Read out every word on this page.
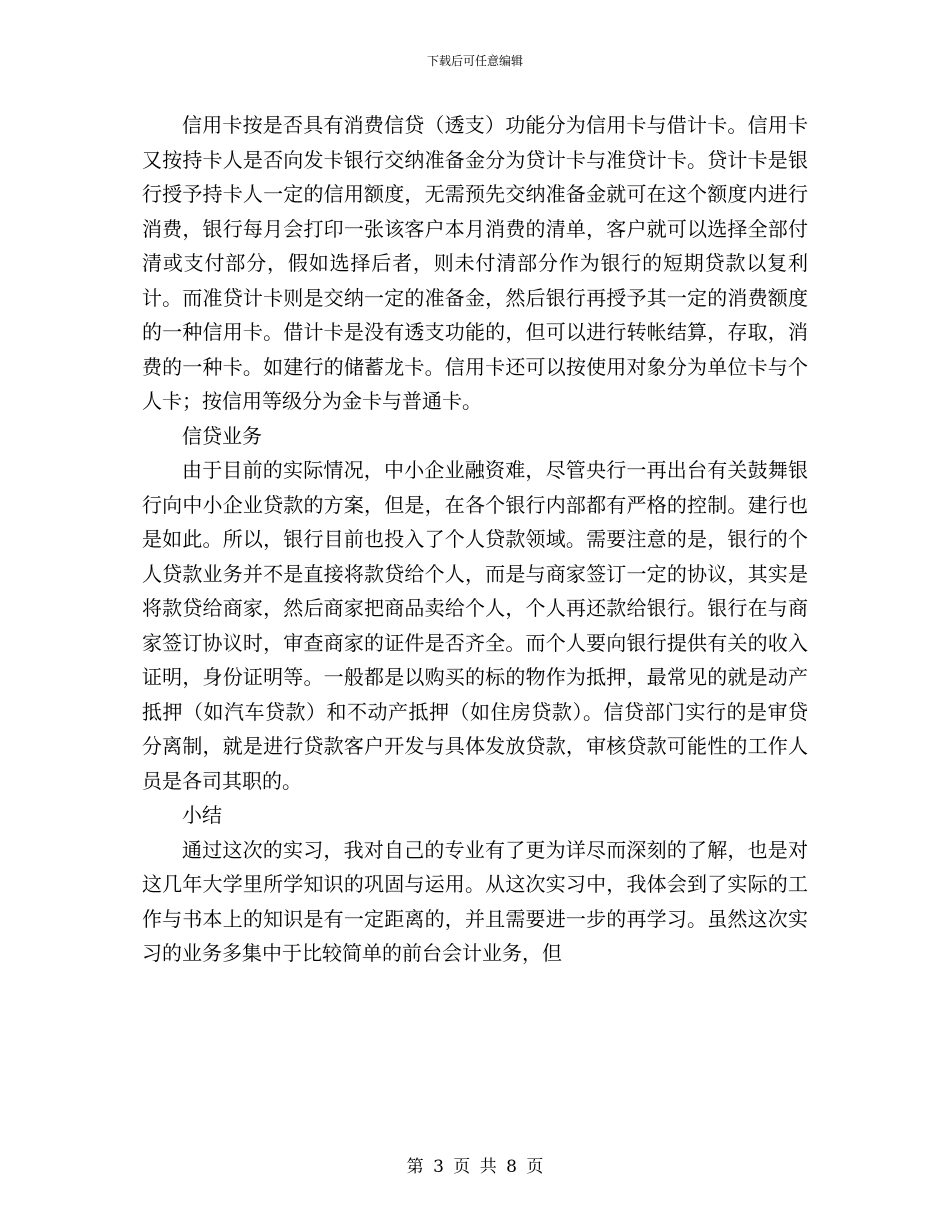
下载后可任意编辑

信用卡按是否具有消费信贷（透支）功能分为信用卡与借计卡。信用卡又按持卡人是否向发卡银行交纳准备金分为贷计卡与准贷计卡。贷计卡是银行授予持卡人一定的信用额度，无需预先交纳准备金就可在这个额度内进行消费，银行每月会打印一张该客户本月消费的清单，客户就可以选择全部付清或支付部分，假如选择后者，则未付清部分作为银行的短期贷款以复利计。而准贷计卡则是交纳一定的准备金，然后银行再授予其一定的消费额度的一种信用卡。借计卡是没有透支功能的，但可以进行转帐结算，存取，消费的一种卡。如建行的储蓄龙卡。信用卡还可以按使用对象分为单位卡与个人卡；按信用等级分为金卡与普通卡。

信贷业务

由于目前的实际情况，中小企业融资难，尽管央行一再出台有关鼓舞银行向中小企业贷款的方案，但是，在各个银行内部都有严格的控制。建行也是如此。所以，银行目前也投入了个人贷款领域。需要注意的是，银行的个人贷款业务并不是直接将款贷给个人，而是与商家签订一定的协议，其实是将款贷给商家，然后商家把商品卖给个人，个人再还款给银行。银行在与商家签订协议时，审查商家的证件是否齐全。而个人要向银行提供有关的收入证明，身份证明等。一般都是以购买的标的物作为抵押，最常见的就是动产抵押（如汽车贷款）和不动产抵押（如住房贷款）。信贷部门实行的是审贷分离制，就是进行贷款客户开发与具体发放贷款，审核贷款可能性的工作人员是各司其职的。

小结

通过这次的实习，我对自己的专业有了更为详尽而深刻的了解，也是对这几年大学里所学知识的巩固与运用。从这次实习中，我体会到了实际的工作与书本上的知识是有一定距离的，并且需要进一步的再学习。虽然这次实习的业务多集中于比较简单的前台会计业务，但

第 3 页 共 8 页
